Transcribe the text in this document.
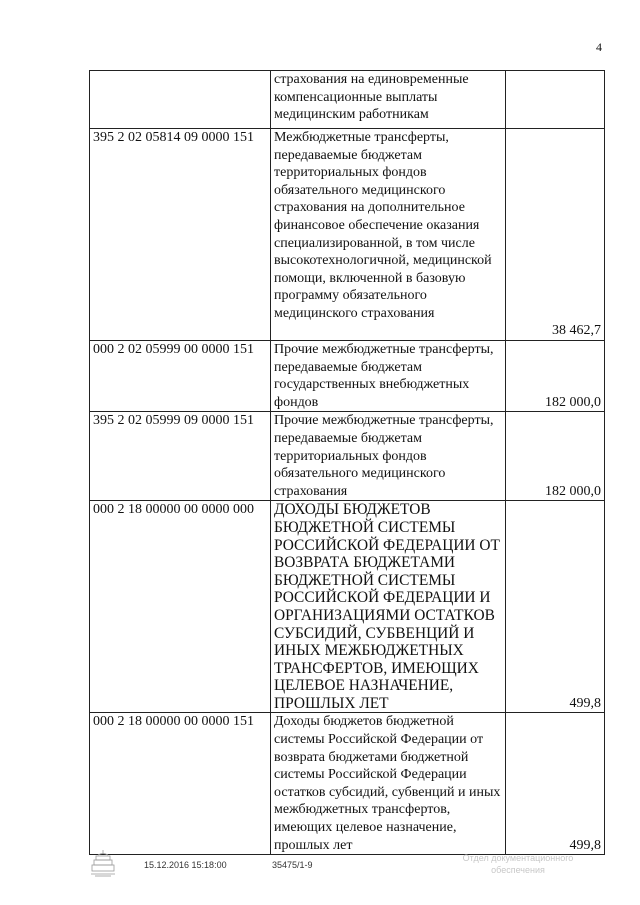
4
	страхования на единовременные компенсационные выплаты медицинским работникам	
395 2 02 05814 09 0000 151	Межбюджетные трансферты, передаваемые бюджетам территориальных фондов обязательного медицинского страхования на дополнительное финансовое обеспечение оказания специализированной, в том числе высокотехнологичной, медицинской помощи, включенной в базовую программу обязательного медицинского страхования	38 462,7
000 2 02 05999 00 0000 151	Прочие межбюджетные трансферты, передаваемые бюджетам государственных внебюджетных фондов	182 000,0
395 2 02 05999 09 0000 151	Прочие межбюджетные трансферты, передаваемые бюджетам территориальных фондов обязательного медицинского страхования	182 000,0
000 2 18 00000 00 0000 000	ДОХОДЫ БЮДЖЕТОВ БЮДЖЕТНОЙ СИСТЕМЫ РОССИЙСКОЙ ФЕДЕРАЦИИ ОТ ВОЗВРАТА БЮДЖЕТАМИ БЮДЖЕТНОЙ СИСТЕМЫ РОССИЙСКОЙ ФЕДЕРАЦИИ И ОРГАНИЗАЦИЯМИ ОСТАТКОВ СУБСИДИЙ, СУБВЕНЦИЙ И ИНЫХ МЕЖБЮДЖЕТНЫХ ТРАНСФЕРТОВ, ИМЕЮЩИХ ЦЕЛЕВОЕ НАЗНАЧЕНИЕ, ПРОШЛЫХ ЛЕТ	499,8
000 2 18 00000 00 0000 151	Доходы бюджетов бюджетной системы Российской Федерации от возврата бюджетами бюджетной системы Российской Федерации остатков субсидий, субвенций и иных межбюджетных трансфертов, имеющих целевое назначение, прошлых лет	499,8
15.12.2016 15:18:00	35475/1-9
Отдел документационного
обеспечения
